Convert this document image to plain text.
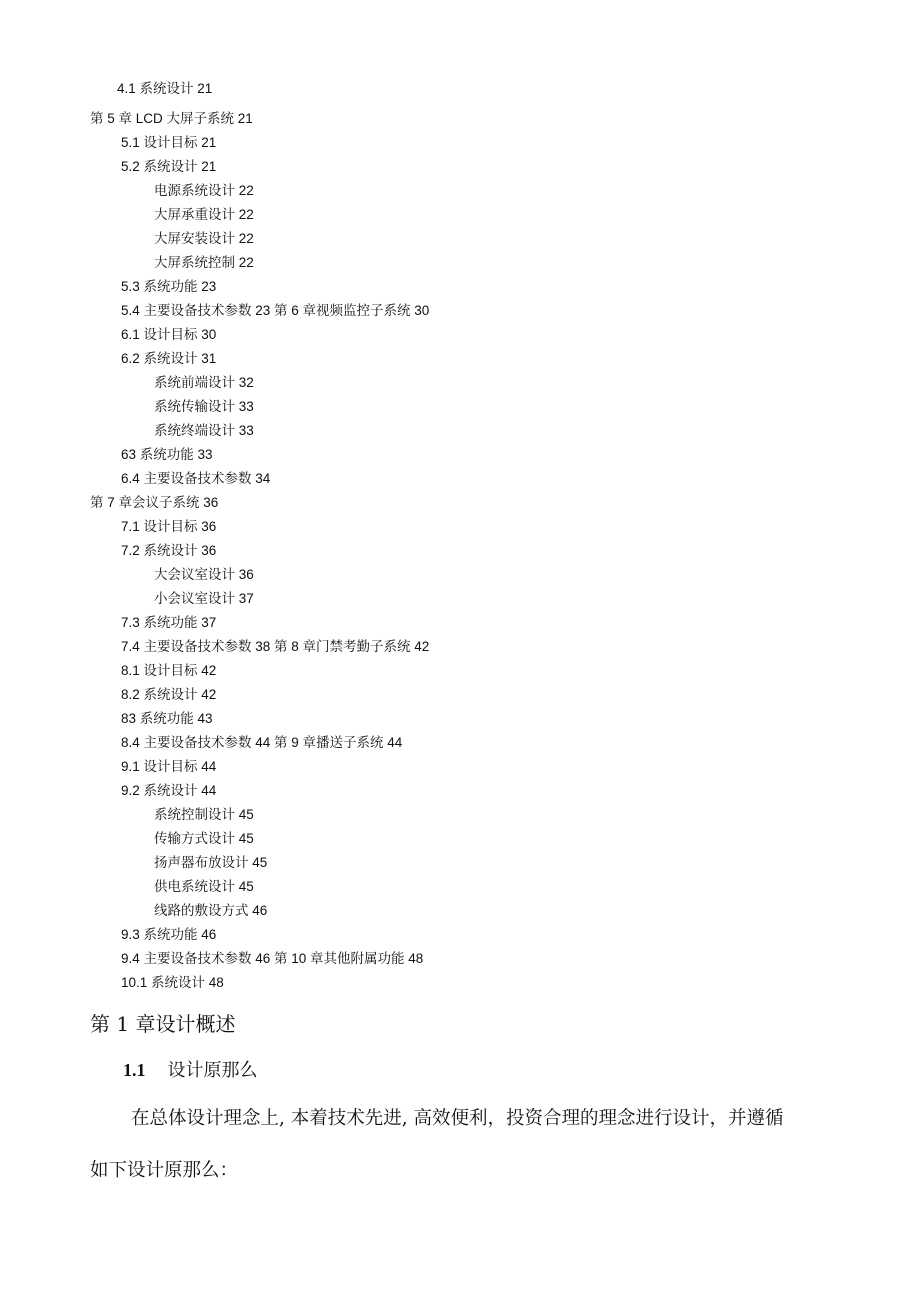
4.1 系统设计 21
第 5 章 LCD 大屏子系统 21
5.1 设计目标 21
5.2 系统设计 21
电源系统设计 22
大屏承重设计 22
大屏安装设计 22
大屏系统控制 22
5.3 系统功能 23
5.4 主要设备技术参数 23 第 6 章视频监控子系统 30
6.1 设计目标 30
6.2 系统设计 31
系统前端设计 32
系统传输设计 33
系统终端设计 33
63 系统功能 33
6.4 主要设备技术参数 34
第 7 章会议子系统 36
7.1 设计目标 36
7.2 系统设计 36
大会议室设计 36
小会议室设计 37
7.3 系统功能 37
7.4 主要设备技术参数 38 第 8 章门禁考勤子系统 42
8.1 设计目标 42
8.2 系统设计 42
83 系统功能 43
8.4 主要设备技术参数 44 第 9 章播送子系统 44
9.1 设计目标 44
9.2 系统设计 44
系统控制设计 45
传输方式设计 45
扬声器布放设计 45
供电系统设计 45
线路的敷设方式 46
9.3 系统功能 46
9.4 主要设备技术参数 46 第 10 章其他附属功能 48
10.1 系统设计 48
第 1 章设计概述
1.1 设计原那么
在总体设计理念上, 本着技术先进, 高效便利，投资合理的理念进行设计，并遵循
如下设计原那么：
